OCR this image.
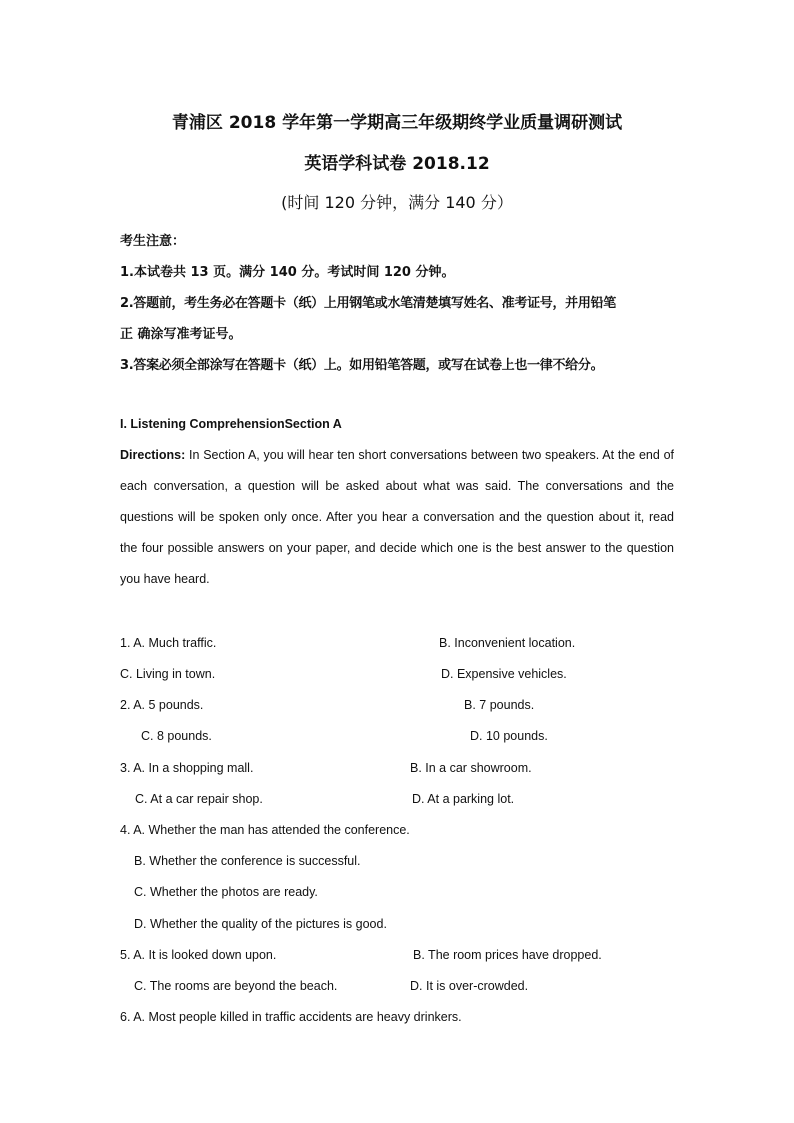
青浦区 2018 学年第一学期高三年级期终学业质量调研测试
英语学科试卷 2018.12
(时间 120 分钟，满分 140 分）
考生注意：
1.本试卷共 13 页。满分 140 分。考试时间 120 分钟。
2.答题前，考生务必在答题卡（纸）上用钢笔或水笔清楚填写姓名、准考证号，并用铅笔
正 确涂写准考证号。
3.答案必须全部涂写在答题卡（纸）上。如用铅笔答题，或写在试卷上也一律不给分。
I. Listening ComprehensionSection A
Directions: In Section A, you will hear ten short conversations between two speakers. At the end of each conversation, a question will be asked about what was said. The conversations and the questions will be spoken only once. After you hear a conversation and the question about it, read the four possible answers on your paper, and decide which one is the best answer to the question you have heard.
1. A. Much traffic.	B. Inconvenient location.
C. Living in town.	D. Expensive vehicles.
2. A. 5 pounds.	B. 7 pounds.
C. 8 pounds.	D. 10 pounds.
3. A. In a shopping mall.	B. In a car showroom.
C. At a car repair shop.	D. At a parking lot.
4. A. Whether the man has attended the conference.
B. Whether the conference is successful.
C. Whether the photos are ready.
D. Whether the quality of the pictures is good.
5. A. It is looked down upon.	B. The room prices have dropped.
C. The rooms are beyond the beach.	D. It is over-crowded.
6. A. Most people killed in traffic accidents are heavy drinkers.
